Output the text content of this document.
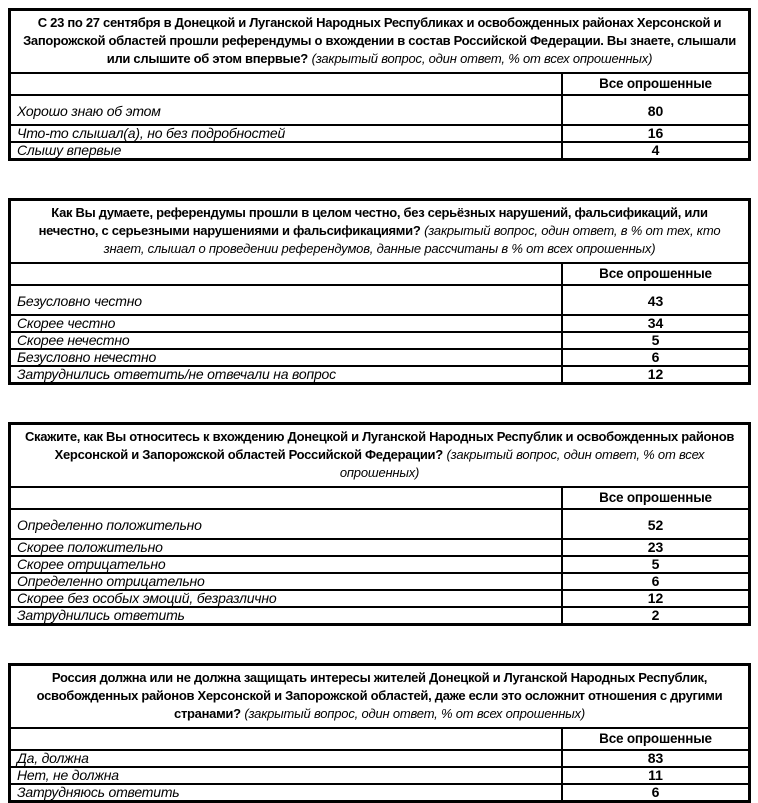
С 23 по 27 сентября в Донецкой и Луганской Народных Республиках и освобожденных районах Херсонской и Запорожской областей прошли референдумы о вхождении в состав Российской Федерации. Вы знаете, слышали или слышите об этом впервые? (закрытый вопрос, один ответ, % от всех опрошенных)
	Все опрошенные
Хорошо знаю об этом	80
Что-то слышал(а), но без подробностей	16
Слышу впервые	4
Как Вы думаете, референдумы прошли в целом честно, без серьёзных нарушений, фальсификаций, или нечестно, с серьезными нарушениями и фальсификациями? (закрытый вопрос, один ответ, в % от тех, кто знает, слышал о проведении референдумов, данные рассчитаны в % от всех опрошенных)
	Все опрошенные
Безусловно честно	43
Скорее честно	34
Скорее нечестно	5
Безусловно нечестно	6
Затруднились ответить/не отвечали на вопрос	12
Скажите, как Вы относитесь к вхождению Донецкой и Луганской Народных Республик и освобожденных районов Херсонской и Запорожской областей Российской Федерации? (закрытый вопрос, один ответ, % от всех опрошенных)
	Все опрошенные
Определенно положительно	52
Скорее положительно	23
Скорее отрицательно	5
Определенно отрицательно	6
Скорее без особых эмоций, безразлично	12
Затруднились ответить	2
Россия должна или не должна защищать интересы жителей Донецкой и Луганской Народных Республик, освобожденных районов Херсонской и Запорожской областей, даже если это осложнит отношения с другими странами? (закрытый вопрос, один ответ, % от всех опрошенных)
	Все опрошенные
Да, должна	83
Нет, не должна	11
Затрудняюсь ответить	6
